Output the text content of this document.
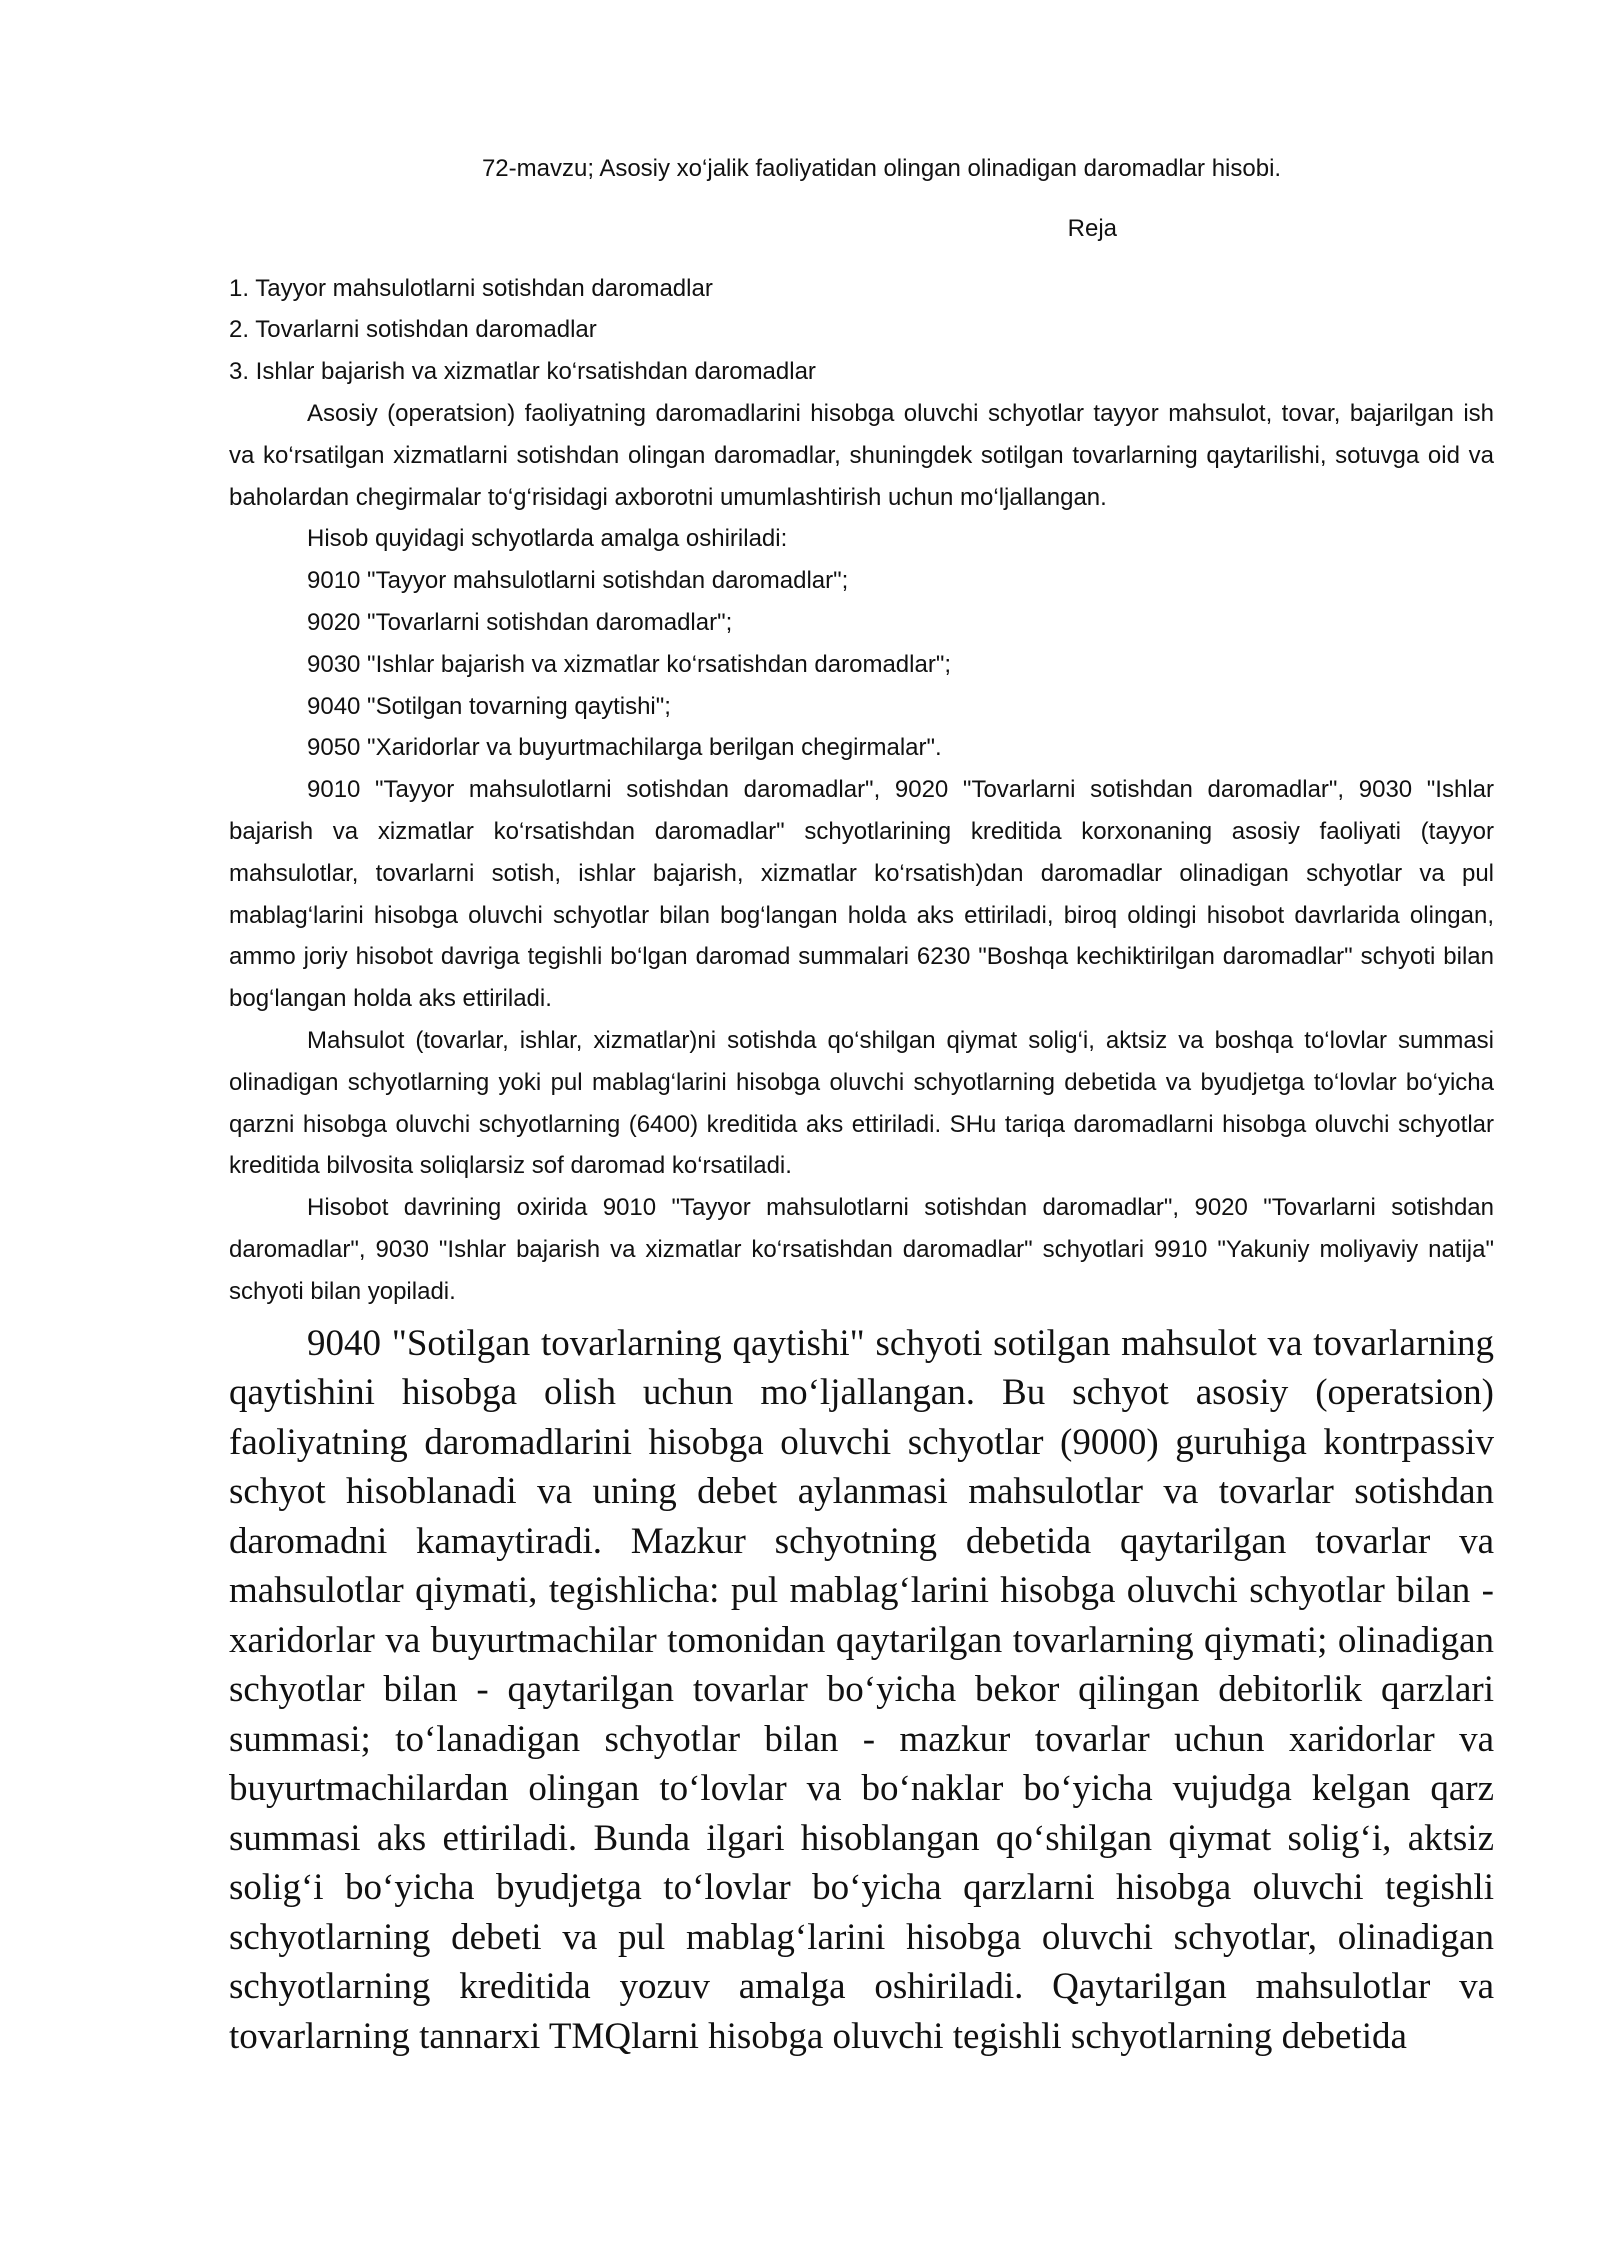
72-mavzu; Asosiy xo‘jalik faoliyatidan olingan olinadigan daromadlar hisobi.

Reja

1. Tayyor mahsulotlarni sotishdan daromadlar

2. Tovarlarni sotishdan daromadlar

3. Ishlar bajarish va xizmatlar ko‘rsatishdan daromadlar

Asosiy (operatsion) faoliyatning daromadlarini hisobga oluvchi schyotlar tayyor mahsulot, tovar, bajarilgan ish va ko‘rsatilgan xizmatlarni sotishdan olingan daromadlar, shuningdek sotilgan tovarlarning qaytarilishi, sotuvga oid va baholardan chegirmalar to‘g‘risidagi axborotni umumlashtirish uchun mo‘ljallangan.

Hisob quyidagi schyotlarda amalga oshiriladi:

9010 "Tayyor mahsulotlarni sotishdan daromadlar";

9020 "Tovarlarni sotishdan daromadlar";

9030 "Ishlar bajarish va xizmatlar ko‘rsatishdan daromadlar";

9040 "Sotilgan tovarning qaytishi";

9050 "Xaridorlar va buyurtmachilarga berilgan chegirmalar".

9010 "Tayyor mahsulotlarni sotishdan daromadlar", 9020 "Tovarlarni sotishdan daromadlar", 9030 "Ishlar bajarish va xizmatlar ko‘rsatishdan daromadlar" schyotlarining kreditida korxonaning asosiy faoliyati (tayyor mahsulotlar, tovarlarni sotish, ishlar bajarish, xizmatlar ko‘rsatish)dan daromadlar olinadigan schyotlar va pul mablag‘larini hisobga oluvchi schyotlar bilan bog‘langan holda aks ettiriladi, biroq oldingi hisobot davrlarida olingan, ammo joriy hisobot davriga tegishli bo‘lgan daromad summalari 6230 "Boshqa kechiktirilgan daromadlar" schyoti bilan bog‘langan holda aks ettiriladi.

Mahsulot (tovarlar, ishlar, xizmatlar)ni sotishda qo‘shilgan qiymat solig‘i, aktsiz va boshqa to‘lovlar summasi olinadigan schyotlarning yoki pul mablag‘larini hisobga oluvchi schyotlarning debetida va byudjetga to‘lovlar bo‘yicha qarzni hisobga oluvchi schyotlarning (6400) kreditida aks ettiriladi. SHu tariqa daromadlarni hisobga oluvchi schyotlar kreditida bilvosita soliqlarsiz sof daromad ko‘rsatiladi.

Hisobot davrining oxirida 9010 "Tayyor mahsulotlarni sotishdan daromadlar", 9020 "Tovarlarni sotishdan daromadlar", 9030 "Ishlar bajarish va xizmatlar ko‘rsatishdan daromadlar" schyotlari 9910 "Yakuniy moliyaviy natija" schyoti bilan yopiladi.

9040 "Sotilgan tovarlarning qaytishi" schyoti sotilgan mahsulot va tovarlarning qaytishini hisobga olish uchun mo‘ljallangan. Bu schyot asosiy (operatsion) faoliyatning daromadlarini hisobga oluvchi schyotlar (9000) guruhiga kontrpassiv schyot hisoblanadi va uning debet aylanmasi mahsulotlar va tovarlar sotishdan daromadni kamaytiradi. Mazkur schyotning debetida qaytarilgan tovarlar va mahsulotlar qiymati, tegishlicha: pul mablag‘larini hisobga oluvchi schyotlar bilan - xaridorlar va buyurtmachilar tomonidan qaytarilgan tovarlarning qiymati; olinadigan schyotlar bilan - qaytarilgan tovarlar bo‘yicha bekor qilingan debitorlik qarzlari summasi; to‘lanadigan schyotlar bilan - mazkur tovarlar uchun xaridorlar va buyurtmachilardan olingan to‘lovlar va bo‘naklar bo‘yicha vujudga kelgan qarz summasi aks ettiriladi. Bunda ilgari hisoblangan qo‘shilgan qiymat solig‘i, aktsiz solig‘i bo‘yicha byudjetga to‘lovlar bo‘yicha qarzlarni hisobga oluvchi tegishli schyotlarning debeti va pul mablag‘larini hisobga oluvchi schyotlar, olinadigan schyotlarning kreditida yozuv amalga oshiriladi. Qaytarilgan mahsulotlar va tovarlarning tannarxi TMQlarni hisobga oluvchi tegishli schyotlarning debetida
